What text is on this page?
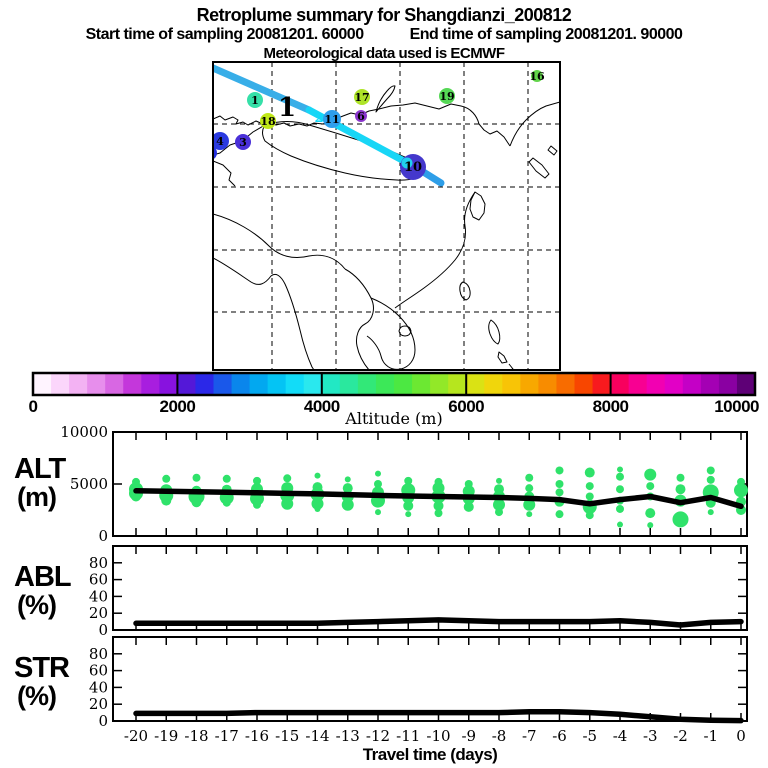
Retroplume summary for Shangdianzi_200812
Start time of sampling 20081201. 60000	End time of sampling 20081201. 90000
Meteorological data used is ECMWF
1	17	19
16
18	11 6
4 3
5
10
1 2
0	2000	4000	6000	8000	10000
Altitude (m)
ALT
(m)
ABL
(%)
STR
(%)
0
5000
10000
0
20
40
60
80
0
20
40
60
80
-20 -19 -18 -17 -16 -15 -14 -13 -12 -11 -10 -9 -8 -7 -6 -5 -4 -3 -2 -1 0
Travel time (days)
